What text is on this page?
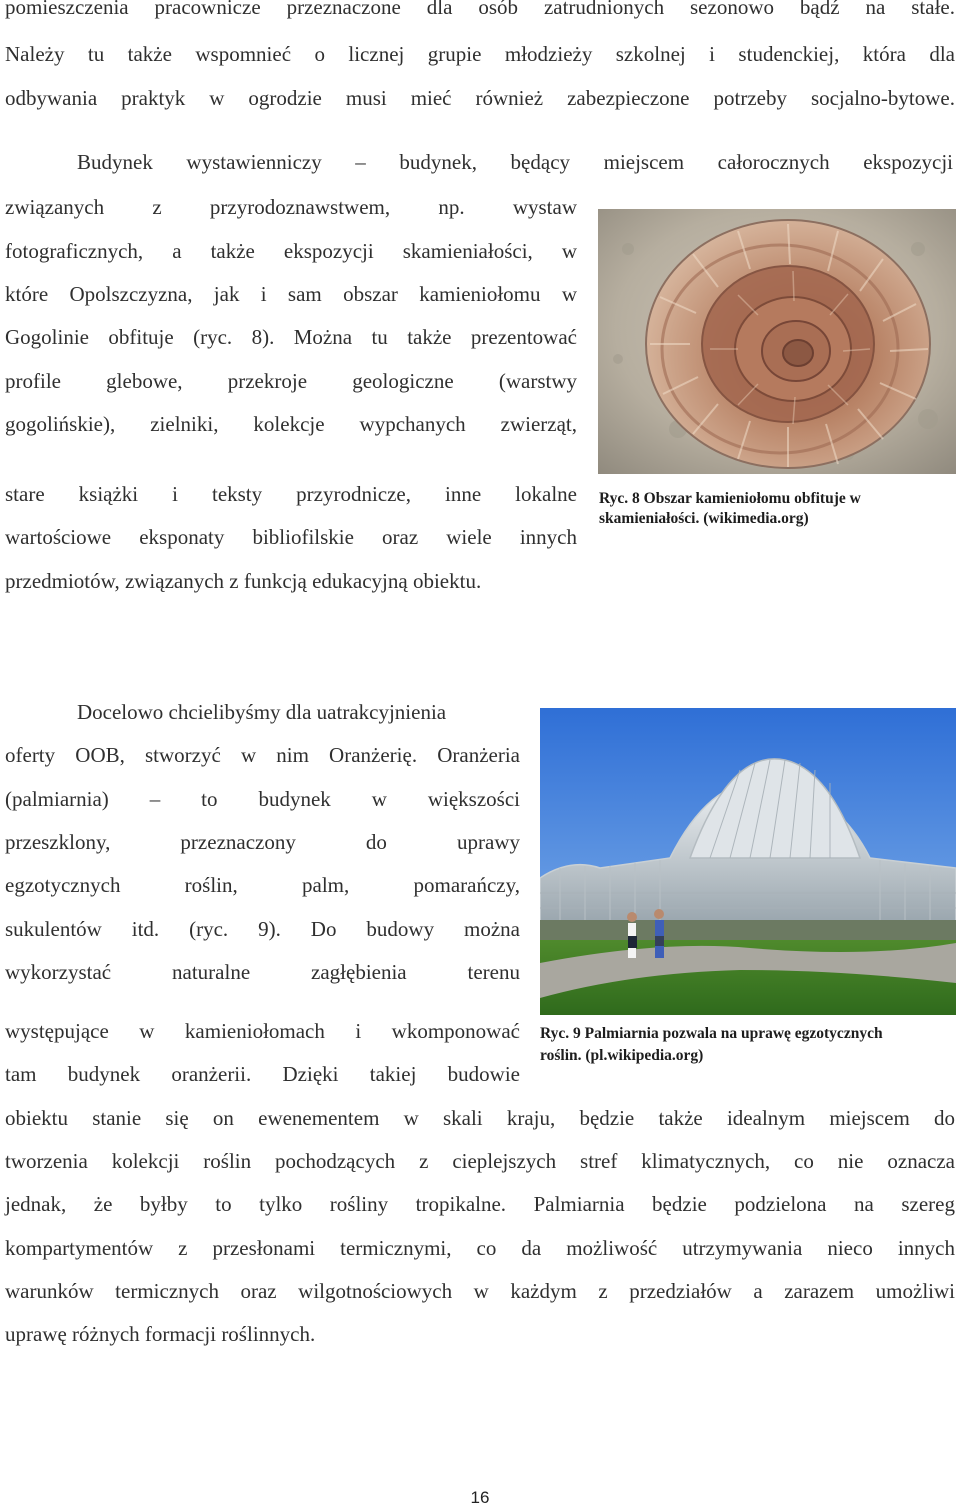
pomieszczenia pracownicze przeznaczone dla osób zatrudnionych sezonowo bądź na stałe.
Należy tu także wspomnieć o licznej grupie młodzieży szkolnej i studenckiej, która dla
odbywania praktyk w ogrodzie musi mieć również zabezpieczone potrzeby socjalno-bytowe.
Budynek wystawienniczy – budynek, będący miejscem całorocznych ekspozycji
związanych z przyrodoznawstwem, np. wystaw
fotograficznych, a także ekspozycji skamieniałości, w
które Opolszczyzna, jak i sam obszar kamieniołomu w
Gogolinie obfituje (ryc. 8). Można tu także prezentować
profile glebowe, przekroje geologiczne (warstwy
gogolińskie), zielniki, kolekcje wypchanych zwierząt,
stare książki i teksty przyrodnicze, inne lokalne
wartościowe eksponaty bibliofilskie oraz wiele innych
przedmiotów, związanych z funkcją edukacyjną obiektu.
Ryc. 8 Obszar kamieniołomu obfituje w
skamieniałości. (wikimedia.org)
Docelowo chcielibyśmy dla uatrakcyjnienia
oferty OOB, stworzyć w nim Oranżerię. Oranżeria
(palmiarnia) – to budynek w większości
przeszklony, przeznaczony do uprawy
egzotycznych roślin, palm, pomarańczy,
sukulentów itd. (ryc. 9). Do budowy można
wykorzystać naturalne zagłębienia terenu
występujące w kamieniołomach i wkomponować
tam budynek oranżerii. Dzięki takiej budowie
obiektu stanie się on ewenementem w skali kraju, będzie także idealnym miejscem do
tworzenia kolekcji roślin pochodzących z cieplejszych stref klimatycznych, co nie oznacza
jednak, że byłby to tylko rośliny tropikalne. Palmiarnia będzie podzielona na szereg
kompartymentów z przesłonami termicznymi, co da możliwość utrzymywania nieco innych
warunków termicznych oraz wilgotnościowych w każdym z przedziałów a zarazem umożliwi
uprawę różnych formacji roślinnych.
Ryc. 9 Palmiarnia pozwala na uprawę egzotycznych
roślin. (pl.wikipedia.org)
16
